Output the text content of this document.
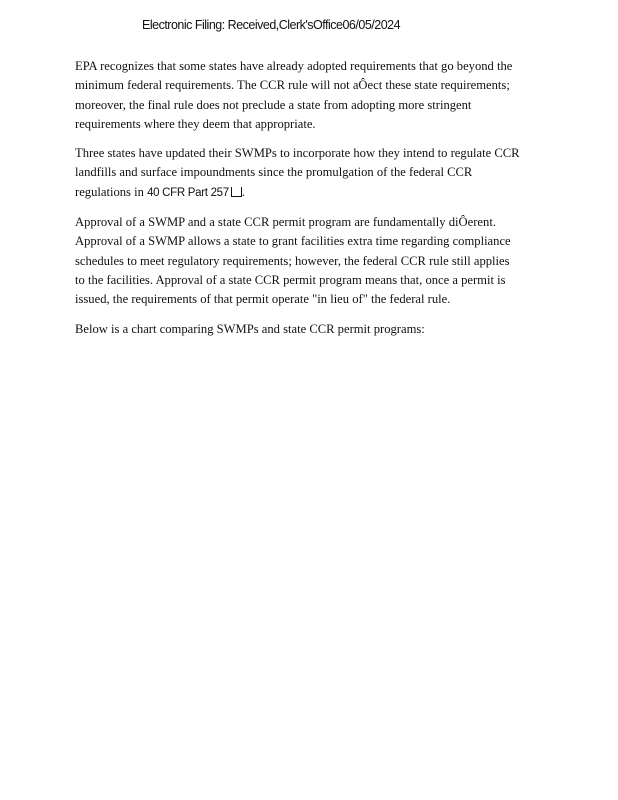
Electronic Filing: Received,Clerk'sOffice06/05/2024

EPA recognizes that some states have already adopted requirements that go beyond the
minimum federal requirements. The CCR rule will not aÔect these state requirements;
moreover, the final rule does not preclude a state from adopting more stringent
requirements where they deem that appropriate.

Three states have updated their SWMPs to incorporate how they intend to regulate CCR
landfills and surface impoundments since the promulgation of the federal CCR
regulations in 40 CFR Part 257 .

Approval of a SWMP and a state CCR permit program are fundamentally diÔerent.
Approval of a SWMP allows a state to grant facilities extra time regarding compliance
schedules to meet regulatory requirements; however, the federal CCR rule still applies
to the facilities. Approval of a state CCR permit program means that, once a permit is
issued, the requirements of that permit operate "in lieu of" the federal rule.

Below is a chart comparing SWMPs and state CCR permit programs:
